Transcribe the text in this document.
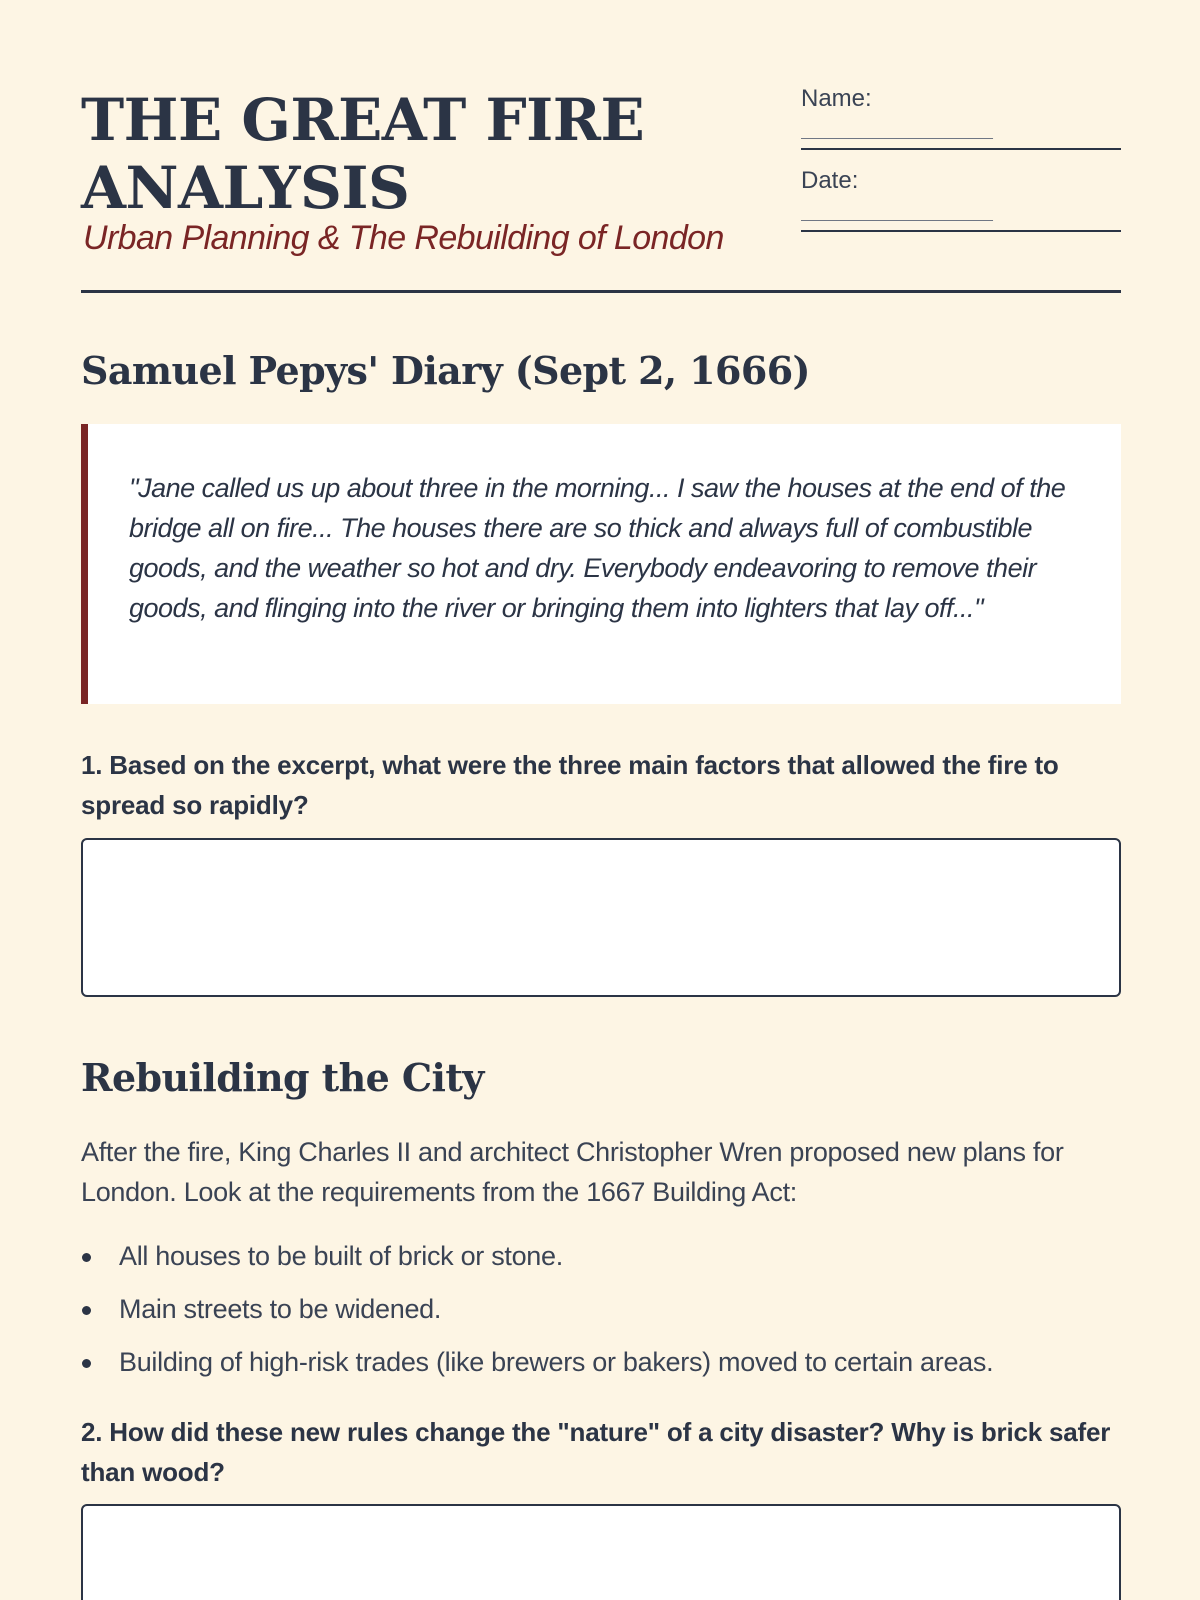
THE GREAT FIRE ANALYSIS

Urban Planning & The Rebuilding of London

Name:
________________
Date:
________________
Samuel Pepys' Diary (Sept 2, 1666)

"Jane called us up about three in the morning... I saw the houses at the end of the bridge all on fire... The houses there are so thick and always full of combustible goods, and the weather so hot and dry. Everybody endeavoring to remove their goods, and flinging into the river or bringing them into lighters that lay off..."

1. Based on the excerpt, what were the three main factors that allowed the fire to spread so rapidly?

Rebuilding the City

After the fire, King Charles II and architect Christopher Wren proposed new plans for London. Look at the requirements from the 1667 Building Act:

All houses to be built of brick or stone.
Main streets to be widened.
Building of high-risk trades (like brewers or bakers) moved to certain areas.

2. How did these new rules change the "nature" of a city disaster? Why is brick safer than wood?
